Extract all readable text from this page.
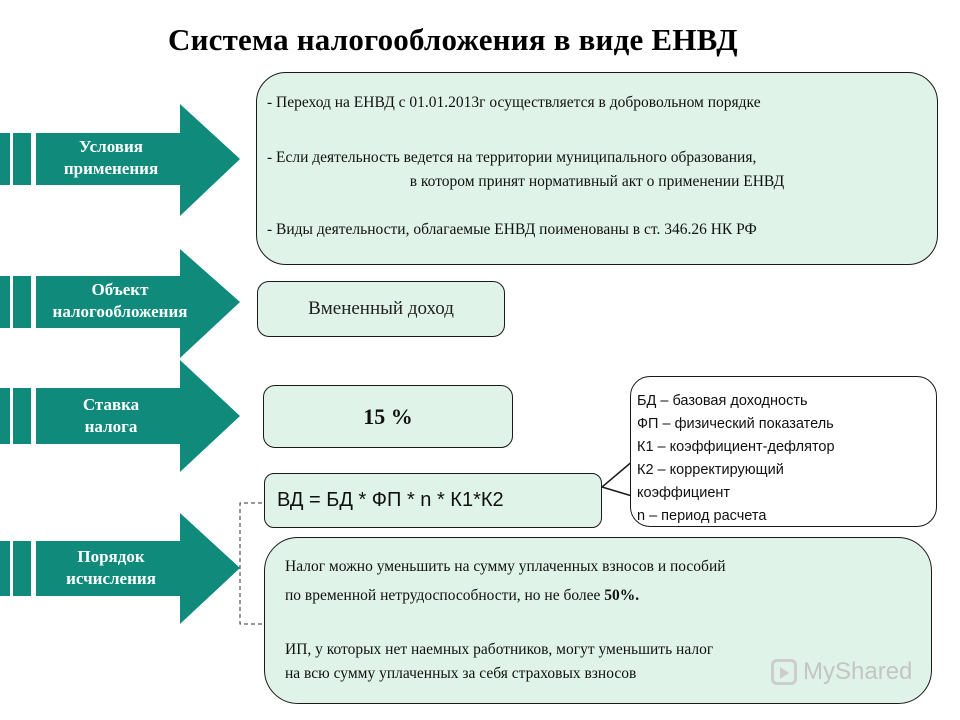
Система налогообложения в виде ЕНВД
Условия
применения
Объект
налогообложения
Ставка
налога
Порядок
исчисления
- Переход на ЕНВД с 01.01.2013г осуществляется в добровольном порядке
- Если деятельность ведется на территории муниципального образования,
в котором принят нормативный акт о применении ЕНВД
- Виды деятельности, облагаемые ЕНВД поименованы в ст. 346.26 НК РФ
Вмененный доход
15 %
ВД = БД * ФП * n * К1*К2
БД – базовая доходность
ФП – физический показатель
К1 – коэффициент-дефлятор
К2 – корректирующий
коэффициент
n – период расчета
Налог можно уменьшить на сумму уплаченных взносов и пособий
по временной нетрудоспособности, но не более 50%.
ИП, у которых нет наемных работников, могут уменьшить налог
на всю сумму уплаченных за себя страховых взносов	MyShared
